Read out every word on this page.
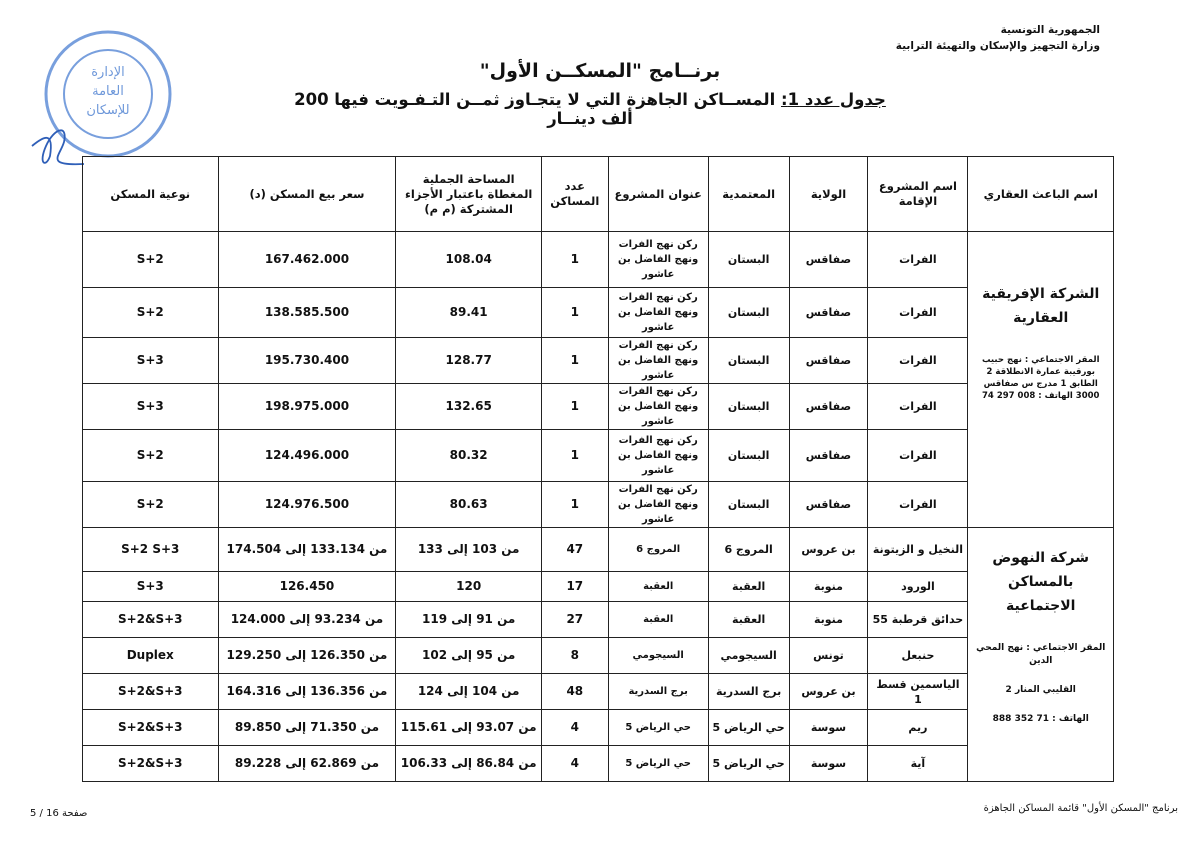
الإدارة
العامة
للإسكان
الجمهورية التونسية
وزارة التجهيز والإسكان والتهيئة الترابية
برنــامج "المسكــن الأول"
جدول عدد 1: المســاكن الجاهزة التي لا يتجـاوز ثمــن التـفـويت فيها 200 ألف دينــار
اسم الباعث العقاري	اسم المشروع الإقامة	الولاية	المعتمدية	عنوان المشروع	عدد المساكن	المساحة الجملية المغطاة باعتبار الأجزاء المشتركة (م م)	سعر بيع المسكن (د)	نوعية المسكن

الشركة الإفريقية العقارية
المقر الاجتماعي : نهج حبيب بورقيبة عمارة الانطلاقة 2 الطابق 1 مدرج س صفاقس 3000 الهاتف : 008 297 74	الفرات	صفاقس	البستان	ركن نهج الفرات ونهج الفاضل بن عاشور	1	108.04	167.462.000	S+2
	الفرات	صفاقس	البستان	ركن نهج الفرات ونهج الفاضل بن عاشور	1	89.41	138.585.500	S+2
	الفرات	صفاقس	البستان	ركن نهج الفرات ونهج الفاضل بن عاشور	1	128.77	195.730.400	S+3
	الفرات	صفاقس	البستان	ركن نهج الفرات ونهج الفاضل بن عاشور	1	132.65	198.975.000	S+3
	الفرات	صفاقس	البستان	ركن نهج الفرات ونهج الفاضل بن عاشور	1	80.32	124.496.000	S+2
	الفرات	صفاقس	البستان	ركن نهج الفرات ونهج الفاضل بن عاشور	1	80.63	124.976.500	S+2

شركة النهوض بالمساكن الاجتماعية
المقر الاجتماعي : نهج المحي الدين

القليبي المنار 2

الهاتف : 71 352 888	النخيل و الزيتونة	بن عروس	المروج 6	المروج 6	47	من 103 إلى 133	من 133.134 إلى 174.504	S+2 S+3
	الورود	منوبة	العقبة	العقبة	17	120	126.450	S+3
	حدائق قرطبة 55	منوبة	العقبة	العقبة	27	من 91 إلى 119	من 93.234 إلى 124.000	S+2&S+3
	حنبعل	تونس	السيجومي	السيجومي	8	من 95 إلى 102	من 126.350 إلى 129.250	Duplex
	الياسمين قسط 1	بن عروس	برج السدرية	برج السدرية	48	من 104 إلى 124	من 136.356 إلى 164.316	S+2&S+3
	ريم	سوسة	حي الرياض 5	حي الرياض 5	4	من 93.07 إلى 115.61	من 71.350 إلى 89.850	S+2&S+3
	آية	سوسة	حي الرياض 5	حي الرياض 5	4	من 86.84 إلى 106.33	من 62.869 إلى 89.228	S+2&S+3
صفحة 16 / 5	برنامج "المسكن الأول" قائمة المساكن الجاهزة
